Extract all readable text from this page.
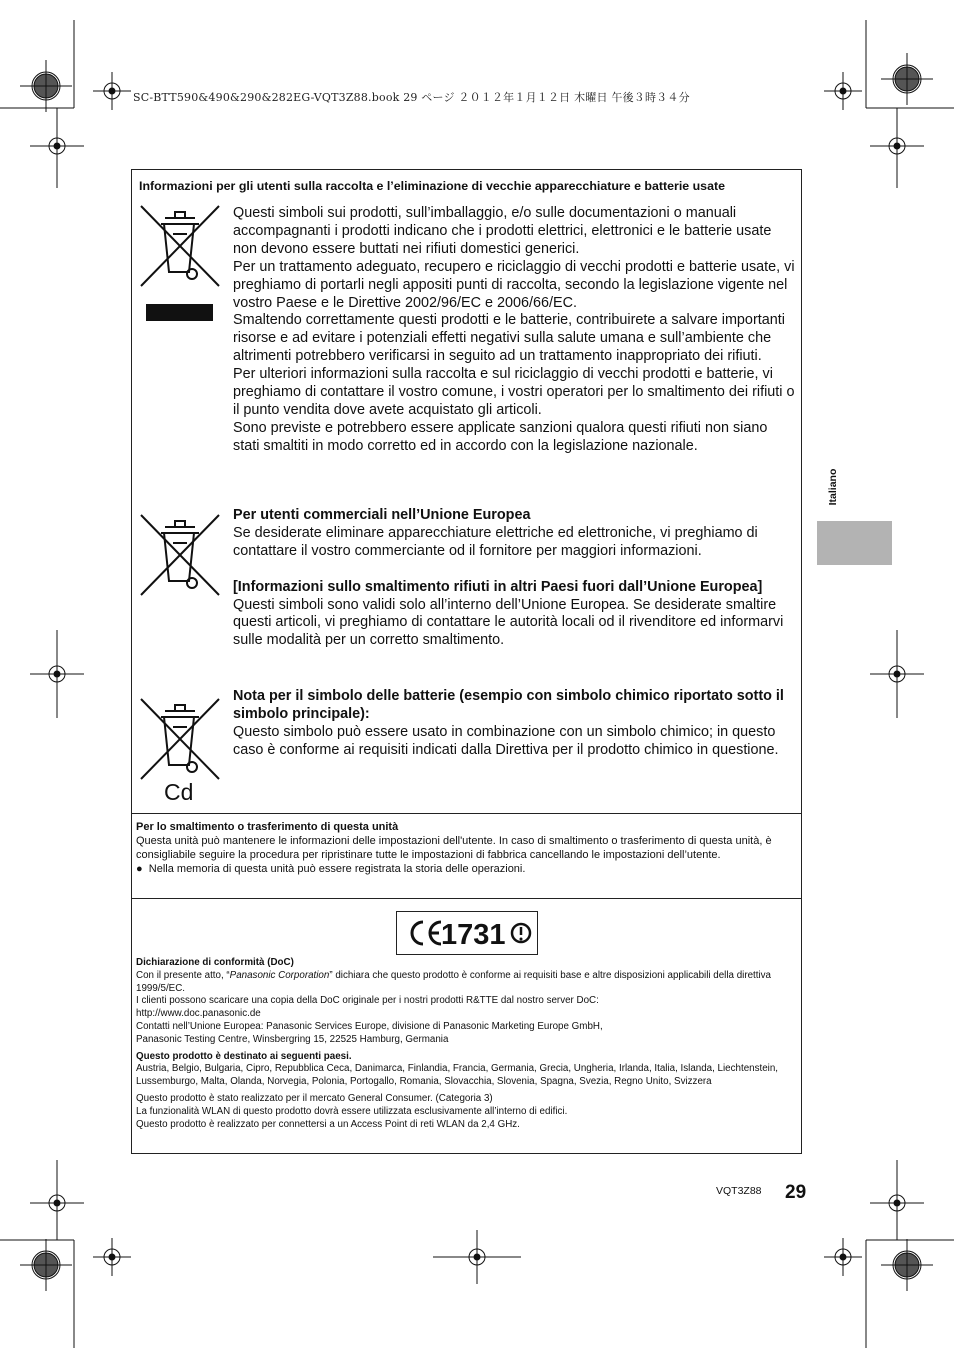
SC-BTT590&490&290&282EG-VQT3Z88.book 29 ページ ２０１２年１月１２日 木曜日 午後３時３４分
Informazioni per gli utenti sulla raccolta e l’eliminazione di vecchie apparecchiature e batterie usate

Questi simboli sui prodotti, sull’imballaggio, e/o sulle documentazioni o manuali accompagnanti i prodotti indicano che i prodotti elettrici, elettronici e le batterie usate non devono essere buttati nei rifiuti domestici generici.

Per un trattamento adeguato, recupero e riciclaggio di vecchi prodotti e batterie usate, vi preghiamo di portarli negli appositi punti di raccolta, secondo la legislazione vigente nel vostro Paese e le Direttive 2002/96/EC e 2006/66/EC.

Smaltendo correttamente questi prodotti e le batterie, contribuirete a salvare importanti risorse e ad evitare i potenziali effetti negativi sulla salute umana e sull’ambiente che altrimenti potrebbero verificarsi in seguito ad un trattamento inappropriato dei rifiuti.

Per ulteriori informazioni sulla raccolta e sul riciclaggio di vecchi prodotti e batterie, vi preghiamo di contattare il vostro comune, i vostri operatori per lo smaltimento dei rifiuti o il punto vendita dove avete acquistato gli articoli.

Sono previste e potrebbero essere applicate sanzioni qualora questi rifiuti non siano stati smaltiti in modo corretto ed in accordo con la legislazione nazionale.

Per utenti commerciali nell’Unione Europea

Se desiderate eliminare apparecchiature elettriche ed elettroniche, vi preghiamo di contattare il vostro commerciante od il fornitore per maggiori informazioni.

[Informazioni sullo smaltimento rifiuti in altri Paesi fuori dall’Unione Europea]

Questi simboli sono validi solo all’interno dell’Unione Europea. Se desiderate smaltire questi articoli, vi preghiamo di contattare le autorità locali od il rivenditore ed informarvi sulle modalità per un corretto smaltimento.

Cd

Nota per il simbolo delle batterie (esempio con simbolo chimico riportato sotto il simbolo principale):

Questo simbolo può essere usato in combinazione con un simbolo chimico; in questo caso è conforme ai requisiti indicati dalla Direttiva per il prodotto chimico in questione.

Per lo smaltimento o trasferimento di questa unità

Questa unità può mantenere le informazioni delle impostazioni dell'utente. In caso di smaltimento o trasferimento di questa unità, è consigliabile seguire la procedura per ripristinare tutte le impostazioni di fabbrica cancellando le impostazioni dell’utente.

● Nella memoria di questa unità può essere registrata la storia delle operazioni.

1731

Dichiarazione di conformità (DoC)

Con il presente atto, “Panasonic Corporation” dichiara che questo prodotto è conforme ai requisiti base e altre disposizioni applicabili della direttiva 1999/5/EC.

I clienti possono scaricare una copia della DoC originale per i nostri prodotti R&TTE dal nostro server DoC:

http://www.doc.panasonic.de

Contatti nell’Unione Europea: Panasonic Services Europe, divisione di Panasonic Marketing Europe GmbH,

Panasonic Testing Centre, Winsbergring 15, 22525 Hamburg, Germania

Questo prodotto è destinato ai seguenti paesi.

Austria, Belgio, Bulgaria, Cipro, Repubblica Ceca, Danimarca, Finlandia, Francia, Germania, Grecia, Ungheria, Irlanda, Italia, Islanda, Liechtenstein, Lussemburgo, Malta, Olanda, Norvegia, Polonia, Portogallo, Romania, Slovacchia, Slovenia, Spagna, Svezia, Regno Unito, Svizzera

Questo prodotto è stato realizzato per il mercato General Consumer. (Categoria 3)

La funzionalità WLAN di questo prodotto dovrà essere utilizzata esclusivamente all’interno di edifici.

Questo prodotto è realizzato per connettersi a un Access Point di reti WLAN da 2,4 GHz.

Italiano
VQT3Z88 29
